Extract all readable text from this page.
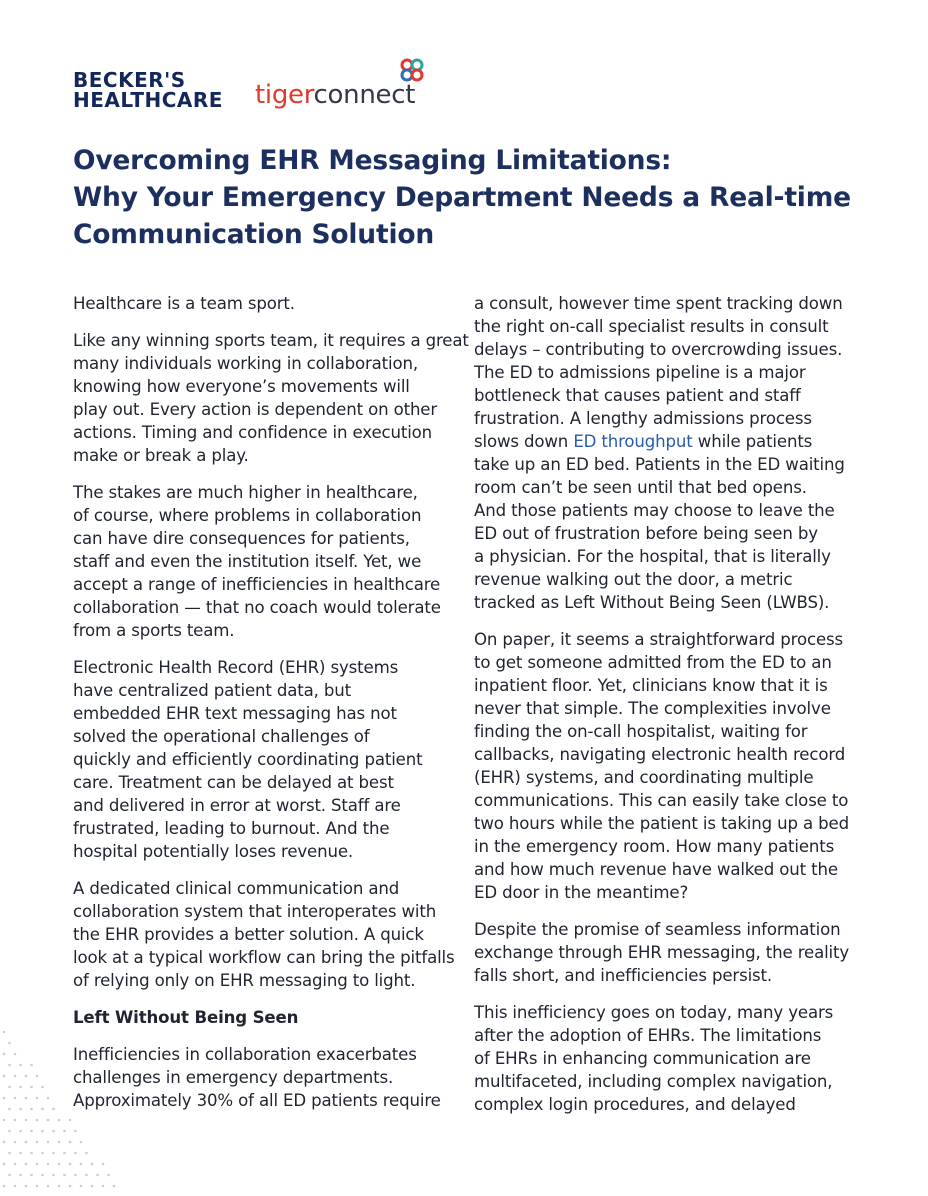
BECKER'S
HEALTHCARE tigerconnect
Overcoming EHR Messaging Limitations:
Why Your Emergency Department Needs a Real-time
Communication Solution

Healthcare is a team sport.

Like any winning sports team, it requires a great
many individuals working in collaboration,
knowing how everyone’s movements will
play out. Every action is dependent on other
actions. Timing and confidence in execution
make or break a play.

The stakes are much higher in healthcare,
of course, where problems in collaboration
can have dire consequences for patients,
staff and even the institution itself. Yet, we
accept a range of inefficiencies in healthcare
collaboration — that no coach would tolerate
from a sports team.

Electronic Health Record (EHR) systems
have centralized patient data, but
embedded EHR text messaging has not
solved the operational challenges of
quickly and efficiently coordinating patient
care. Treatment can be delayed at best
and delivered in error at worst. Staff are
frustrated, leading to burnout. And the
hospital potentially loses revenue.

A dedicated clinical communication and
collaboration system that interoperates with
the EHR provides a better solution. A quick
look at a typical workflow can bring the pitfalls
of relying only on EHR messaging to light.

Left Without Being Seen

Inefficiencies in collaboration exacerbates
challenges in emergency departments.
Approximately 30% of all ED patients require

a consult, however time spent tracking down
the right on-call specialist results in consult
delays – contributing to overcrowding issues.
The ED to admissions pipeline is a major
bottleneck that causes patient and staff
frustration. A lengthy admissions process
slows down ED throughput while patients
take up an ED bed. Patients in the ED waiting
room can’t be seen until that bed opens.
And those patients may choose to leave the
ED out of frustration before being seen by
a physician. For the hospital, that is literally
revenue walking out the door, a metric
tracked as Left Without Being Seen (LWBS).

On paper, it seems a straightforward process
to get someone admitted from the ED to an
inpatient floor. Yet, clinicians know that it is
never that simple. The complexities involve
finding the on-call hospitalist, waiting for
callbacks, navigating electronic health record
(EHR) systems, and coordinating multiple
communications. This can easily take close to
two hours while the patient is taking up a bed
in the emergency room. How many patients
and how much revenue have walked out the
ED door in the meantime?

Despite the promise of seamless information
exchange through EHR messaging, the reality
falls short, and inefficiencies persist.

This inefficiency goes on today, many years
after the adoption of EHRs. The limitations
of EHRs in enhancing communication are
multifaceted, including complex navigation,
complex login procedures, and delayed
